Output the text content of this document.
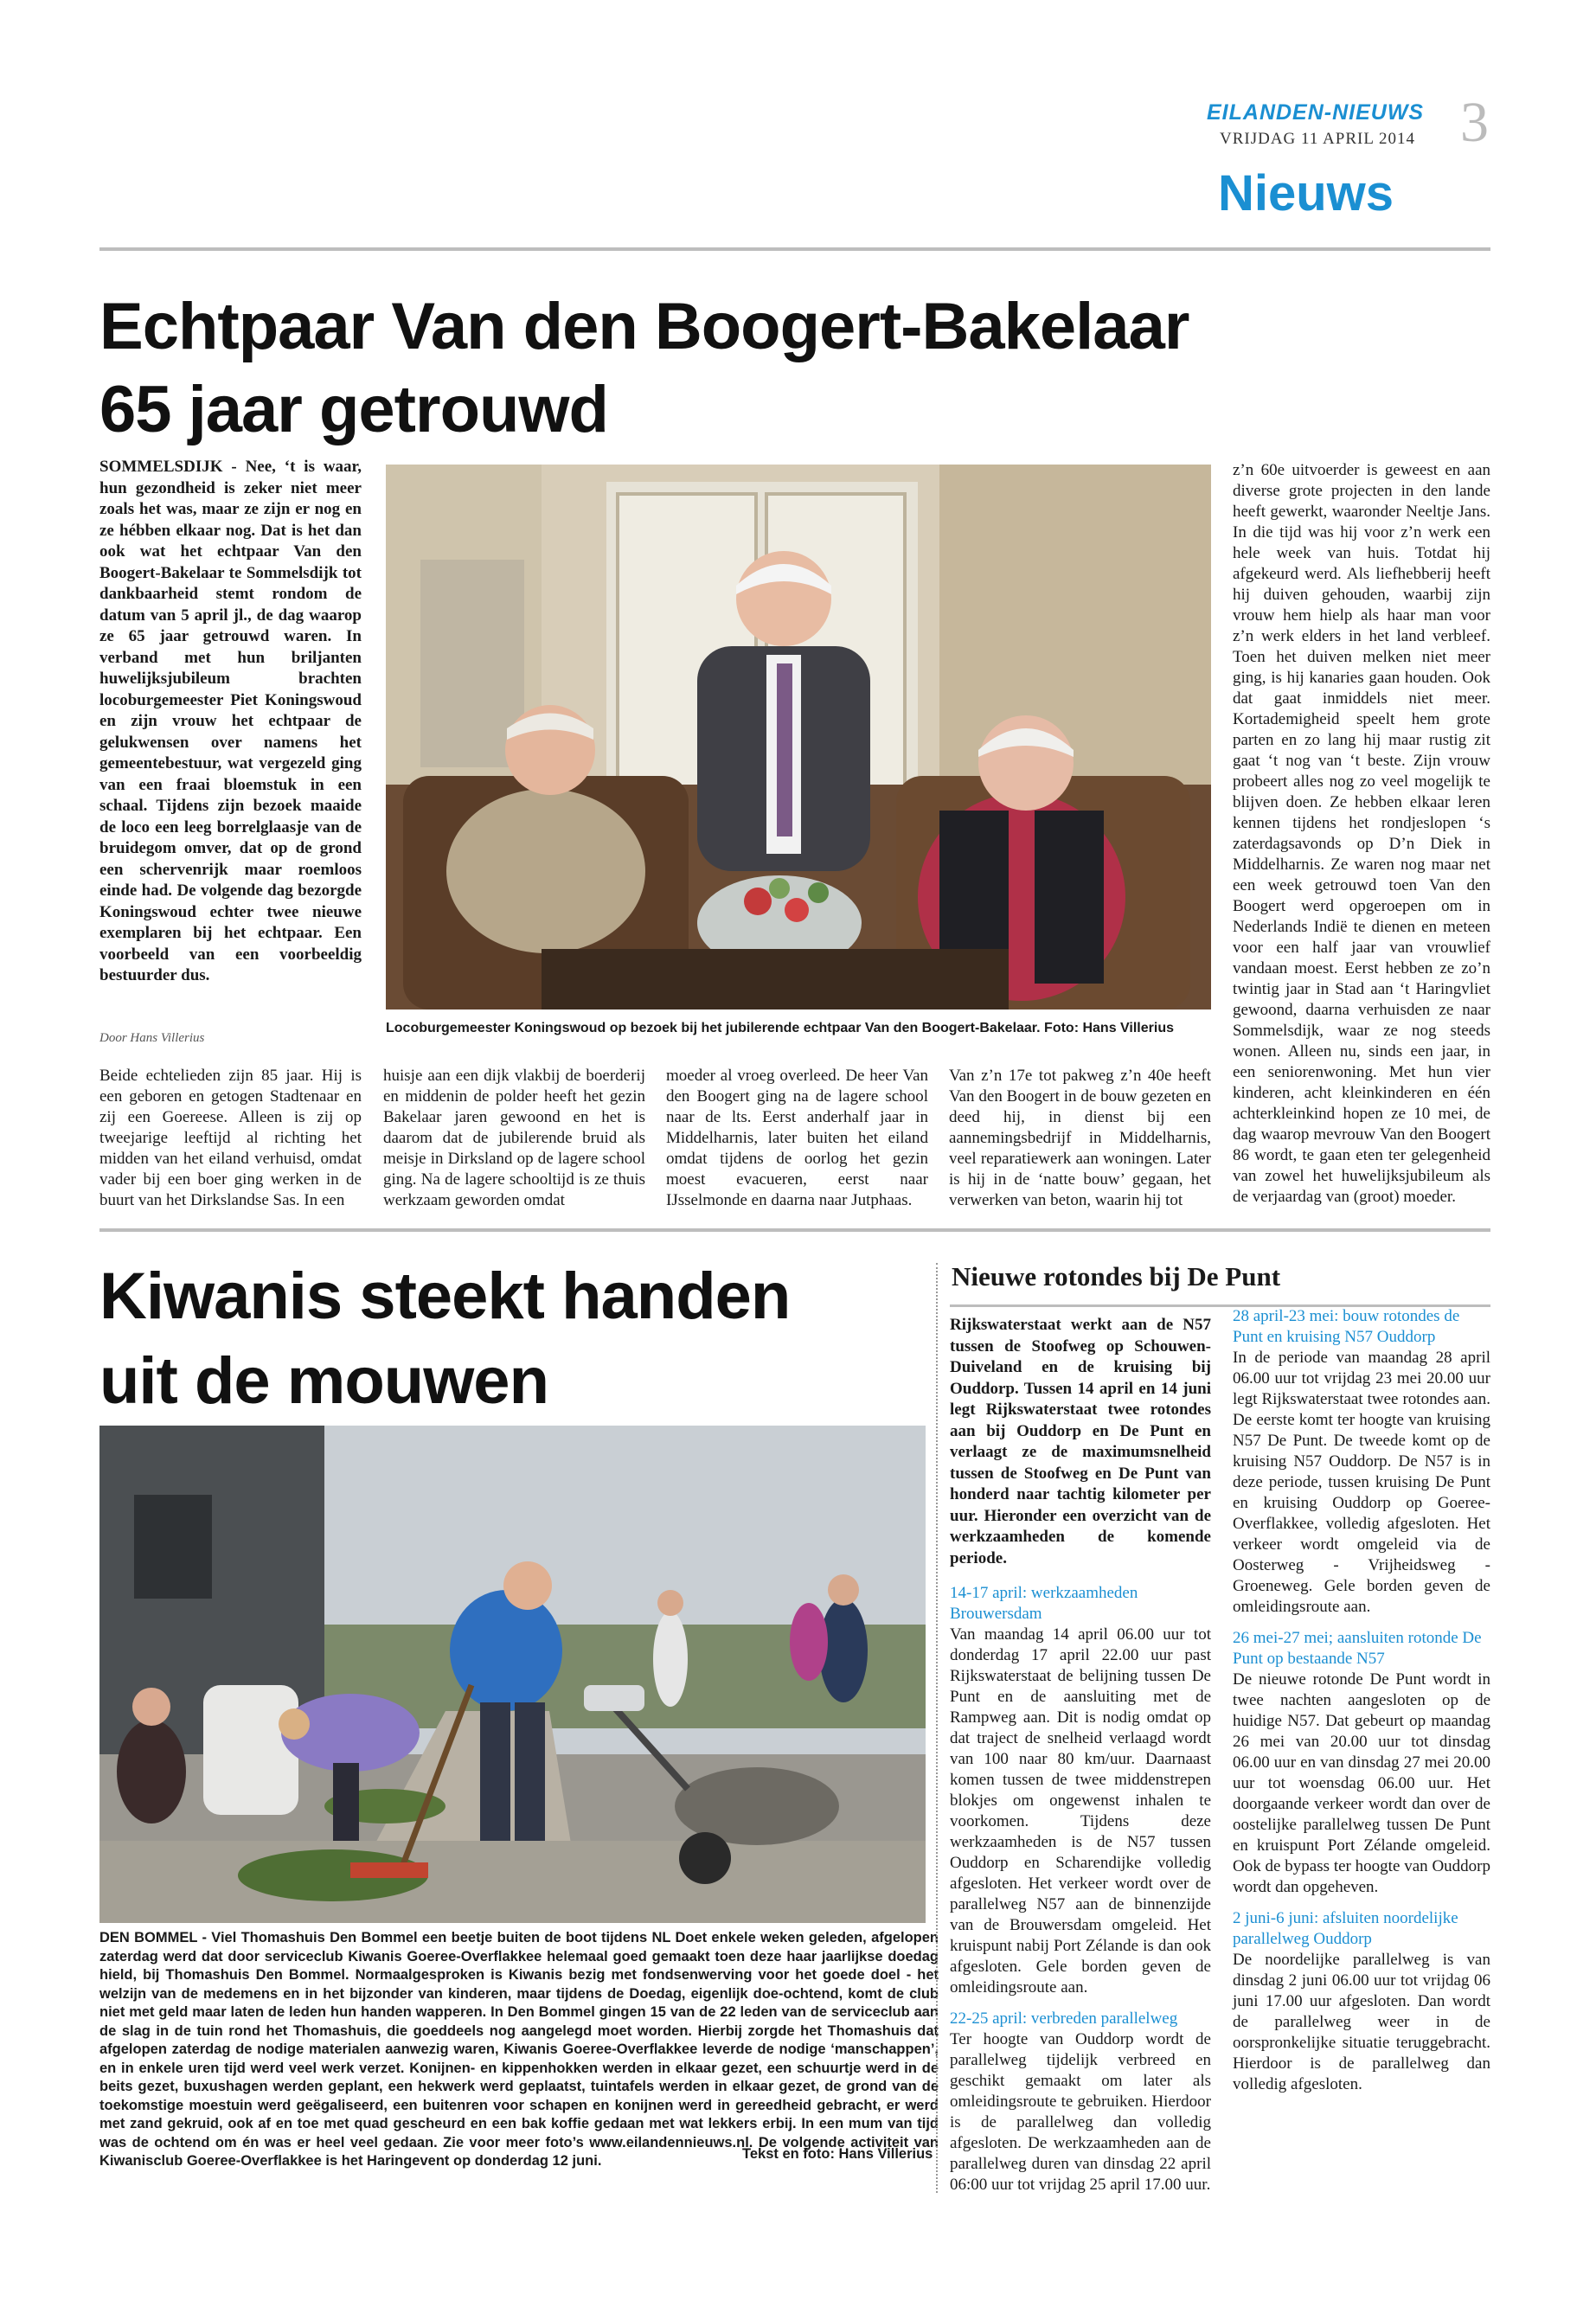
EILANDEN-NIEUWS
VRIJDAG 11 APRIL 2014 3
Nieuws
Echtpaar Van den Boogert-Bakelaar
65 jaar getrouwd
SOMMELSDIJK - Nee, ‘t is waar, hun gezondheid is zeker niet meer zoals het was, maar ze zijn er nog en ze hébben elkaar nog. Dat is het dan ook wat het echtpaar Van den Boogert-Bakelaar te Sommelsdijk tot dankbaarheid stemt rondom de datum van 5 april jl., de dag waarop ze 65 jaar getrouwd waren. In verband met hun briljanten huwelijksjubileum brachten locoburgemeester Piet Koningswoud en zijn vrouw het echtpaar de gelukwensen over namens het gemeentebestuur, wat vergezeld ging van een fraai bloemstuk in een schaal. Tijdens zijn bezoek maaide de loco een leeg borrelglaasje van de bruidegom omver, dat op de grond een schervenrijk maar roemloos einde had. De volgende dag bezorgde Koningswoud echter twee nieuwe exemplaren bij het echtpaar. Een voorbeeld van een voorbeeldig bestuurder dus.
Door Hans Villerius
Beide echtelieden zijn 85 jaar. Hij is een geboren en getogen Stadtenaar en zij een Goereese. Alleen is zij op tweejarige leeftijd al richting het midden van het eiland verhuisd, omdat vader bij een boer ging werken in de buurt van het Dirkslandse Sas. In een
Locoburgemeester Koningswoud op bezoek bij het jubilerende echtpaar Van den Boogert-Bakelaar. Foto: Hans Villerius
huisje aan een dijk vlakbij de boerderij en middenin de polder heeft het gezin Bakelaar jaren gewoond en het is daarom dat de jubilerende bruid als meisje in Dirksland op de lagere school ging. Na de lagere schooltijd is ze thuis werkzaam geworden omdat
moeder al vroeg overleed. De heer Van den Boogert ging na de lagere school naar de lts. Eerst anderhalf jaar in Middelharnis, later buiten het eiland omdat tijdens de oorlog het gezin moest evacueren, eerst naar IJsselmonde en daarna naar Jutphaas.
Van z’n 17e tot pakweg z’n 40e heeft Van den Boogert in de bouw gezeten en deed hij, in dienst bij een aannemingsbedrijf in Middelharnis, veel reparatiewerk aan woningen. Later is hij in de ‘natte bouw’ gegaan, het verwerken van beton, waarin hij tot
z’n 60e uitvoerder is geweest en aan diverse grote projecten in den lande heeft gewerkt, waaronder Neeltje Jans. In die tijd was hij voor z’n werk een hele week van huis. Totdat hij afgekeurd werd. Als liefhebberij heeft hij duiven gehouden, waarbij zijn vrouw hem hielp als haar man voor z’n werk elders in het land verbleef. Toen het duiven melken niet meer ging, is hij kanaries gaan houden. Ook dat gaat inmiddels niet meer. Kortademigheid speelt hem grote parten en zo lang hij maar rustig zit gaat ‘t nog van ‘t beste. Zijn vrouw probeert alles nog zo veel mogelijk te blijven doen. Ze hebben elkaar leren kennen tijdens het rondjeslopen ‘s zaterdagsavonds op D’n Diek in Middelharnis. Ze waren nog maar net een week getrouwd toen Van den Boogert werd opgeroepen om in Nederlands Indië te dienen en meteen voor een half jaar van vrouwlief vandaan moest. Eerst hebben ze zo’n twintig jaar in Stad aan ‘t Haringvliet gewoond, daarna verhuisden ze naar Sommelsdijk, waar ze nog steeds wonen. Alleen nu, sinds een jaar, in een seniorenwoning. Met hun vier kinderen, acht kleinkinderen en één achterkleinkind hopen ze 10 mei, de dag waarop mevrouw Van den Boogert 86 wordt, te gaan eten ter gelegenheid van zowel het huwelijksjubileum als de verjaardag van (groot) moeder.
Kiwanis steekt handen
uit de mouwen
DEN BOMMEL - Viel Thomashuis Den Bommel een beetje buiten de boot tijdens NL Doet enkele weken geleden, afgelopen zaterdag werd dat door serviceclub Kiwanis Goeree-Overflakkee helemaal goed gemaakt toen deze haar jaarlijkse doedag hield, bij Thomashuis Den Bommel. Normaalgesproken is Kiwanis bezig met fondsenwerving voor het goede doel - het welzijn van de medemens en in het bijzonder van kinderen, maar tijdens de Doedag, eigenlijk doe-ochtend, komt de club niet met geld maar laten de leden hun handen wapperen. In Den Bommel gingen 15 van de 22 leden van de serviceclub aan de slag in de tuin rond het Thomashuis, die goeddeels nog aangelegd moet worden. Hierbij zorgde het Thomashuis dat afgelopen zaterdag de nodige materialen aanwezig waren, Kiwanis Goeree-Overflakkee leverde de nodige ‘manschappen’, en in enkele uren tijd werd veel werk verzet. Konijnen- en kippenhokken werden in elkaar gezet, een schuurtje werd in de beits gezet, buxushagen werden geplant, een hekwerk werd geplaatst, tuintafels werden in elkaar gezet, de grond van de toekomstige moestuin werd geëgaliseerd, een buitenren voor schapen en konijnen werd in gereedheid gebracht, er werd met zand gekruid, ook af en toe met quad gescheurd en een bak koffie gedaan met wat lekkers erbij. In een mum van tijd was de ochtend om én was er heel veel gedaan. Zie voor meer foto’s www.eilandennieuws.nl. De volgende activiteit van Kiwanisclub Goeree-Overflakkee is het Haringevent op donderdag 12 juni.	Tekst en foto: Hans Villerius
Nieuwe rotondes bij De Punt
Rijkswaterstaat werkt aan de N57 tussen de Stoofweg op Schouwen-Duiveland en de kruising bij Ouddorp. Tussen 14 april en 14 juni legt Rijkswaterstaat twee rotondes aan bij Ouddorp en De Punt en verlaagt ze de maximumsnelheid tussen de Stoofweg en De Punt van honderd naar tachtig kilometer per uur. Hieronder een overzicht van de werkzaamheden de komende periode.
14-17 april: werkzaamheden Brouwersdam
Van maandag 14 april 06.00 uur tot donderdag 17 april 22.00 uur past Rijkswaterstaat de belijning tussen De Punt en de aansluiting met de Rampweg aan. Dit is nodig omdat op dat traject de snelheid verlaagd wordt van 100 naar 80 km/uur. Daarnaast komen tussen de twee middenstrepen blokjes om ongewenst inhalen te voorkomen. Tijdens deze werkzaamheden is de N57 tussen Ouddorp en Scharendijke volledig afgesloten. Het verkeer wordt over de parallelweg N57 aan de binnenzijde van de Brouwersdam omgeleid. Het kruispunt nabij Port Zélande is dan ook afgesloten. Gele borden geven de omleidingsroute aan.
22-25 april: verbreden parallelweg
Ter hoogte van Ouddorp wordt de parallelweg tijdelijk verbreed en geschikt gemaakt om later als omleidingsroute te gebruiken. Hierdoor is de parallelweg dan volledig afgesloten. De werkzaamheden aan de parallelweg duren van dinsdag 22 april 06:00 uur tot vrijdag 25 april 17.00 uur.
28 april-23 mei: bouw rotondes de Punt en kruising N57 Ouddorp
In de periode van maandag 28 april 06.00 uur tot vrijdag 23 mei 20.00 uur legt Rijkswaterstaat twee rotondes aan. De eerste komt ter hoogte van kruising N57 De Punt. De tweede komt op de kruising N57 Ouddorp. De N57 is in deze periode, tussen kruising De Punt en kruising Ouddorp op Goeree-Overflakkee, volledig afgesloten. Het verkeer wordt omgeleid via de Oosterweg - Vrijheidsweg - Groeneweg. Gele borden geven de omleidingsroute aan.
26 mei-27 mei; aansluiten rotonde De Punt op bestaande N57
De nieuwe rotonde De Punt wordt in twee nachten aangesloten op de huidige N57. Dat gebeurt op maandag 26 mei van 20.00 uur tot dinsdag 06.00 uur en van dinsdag 27 mei 20.00 uur tot woensdag 06.00 uur. Het doorgaande verkeer wordt dan over de oostelijke parallelweg tussen De Punt en kruispunt Port Zélande omgeleid. Ook de bypass ter hoogte van Ouddorp wordt dan opgeheven.
2 juni-6 juni: afsluiten noordelijke parallelweg Ouddorp
De noordelijke parallelweg is van dinsdag 2 juni 06.00 uur tot vrijdag 06 juni 17.00 uur afgesloten. Dan wordt de parallelweg weer in de oorspronkelijke situatie teruggebracht. Hierdoor is de parallelweg dan volledig afgesloten.
